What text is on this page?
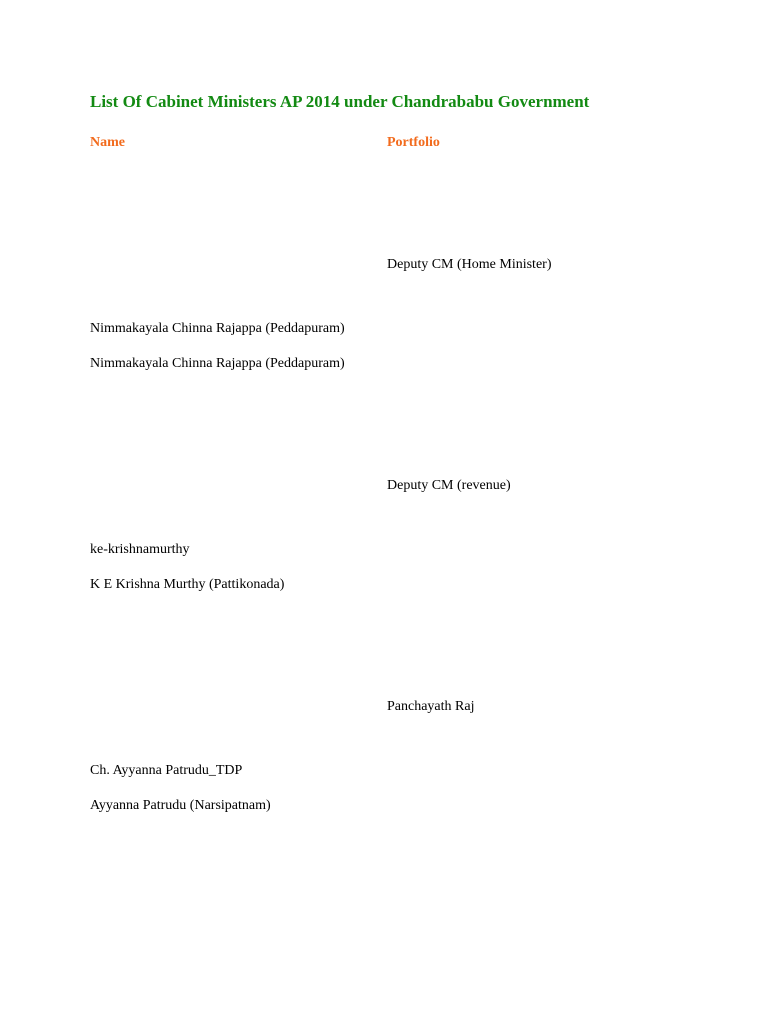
List Of Cabinet Ministers AP 2014 under Chandrababu Government
Name	Portfolio
Deputy CM (Home Minister)
Nimmakayala Chinna Rajappa (Peddapuram)
Nimmakayala Chinna Rajappa (Peddapuram)
Deputy CM (revenue)
ke-krishnamurthy
K E Krishna Murthy (Pattikonada)
Panchayath Raj
Ch. Ayyanna Patrudu_TDP
Ayyanna Patrudu (Narsipatnam)
